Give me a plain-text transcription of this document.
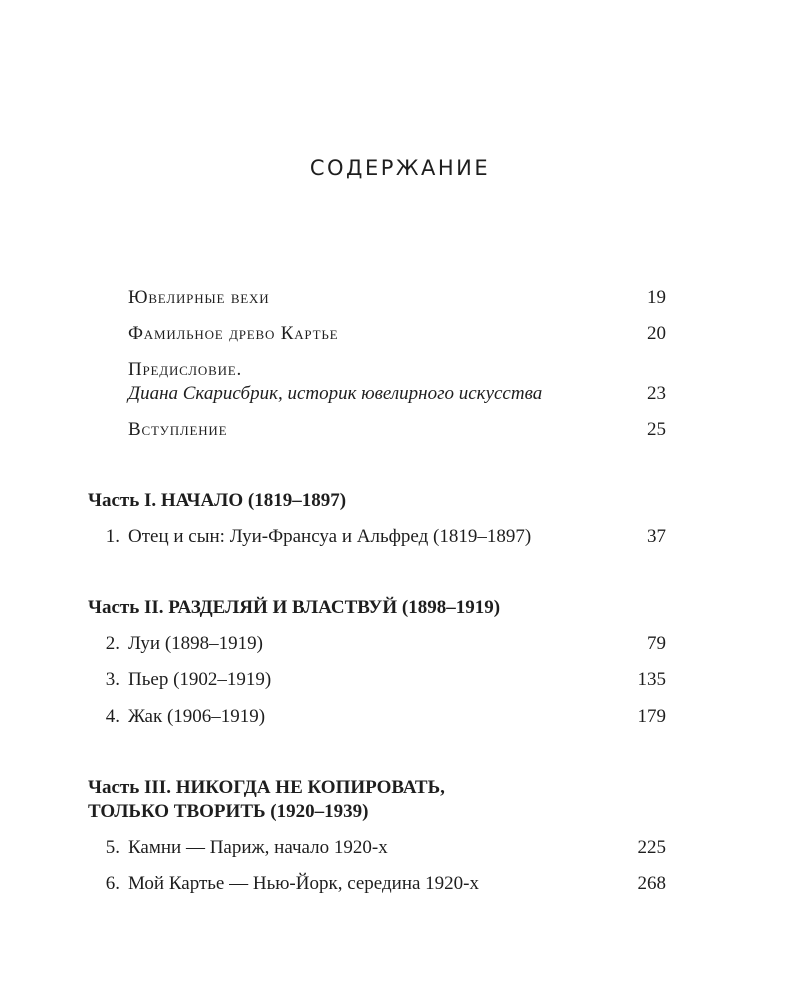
СОДЕРЖАНИЕ
Ювелирные вехи	19
Фамильное древо Картье	20
Предисловие.
Диана Скарисбрик, историк ювелирного искусства	23
Вступление	25
Часть I. НАЧАЛО (1819–1897)
1. Отец и сын: Луи-Франсуа и Альфред (1819–1897)	37
Часть II. РАЗДЕЛЯЙ И ВЛАСТВУЙ (1898–1919)
2. Луи (1898–1919)	79
3. Пьер (1902–1919)	135
4. Жак (1906–1919)	179
Часть III. НИКОГДА НЕ КОПИРОВАТЬ,
ТОЛЬКО ТВОРИТЬ (1920–1939)
5. Камни — Париж, начало 1920-х	225
6. Мой Картье — Нью-Йорк, середина 1920-х	268
